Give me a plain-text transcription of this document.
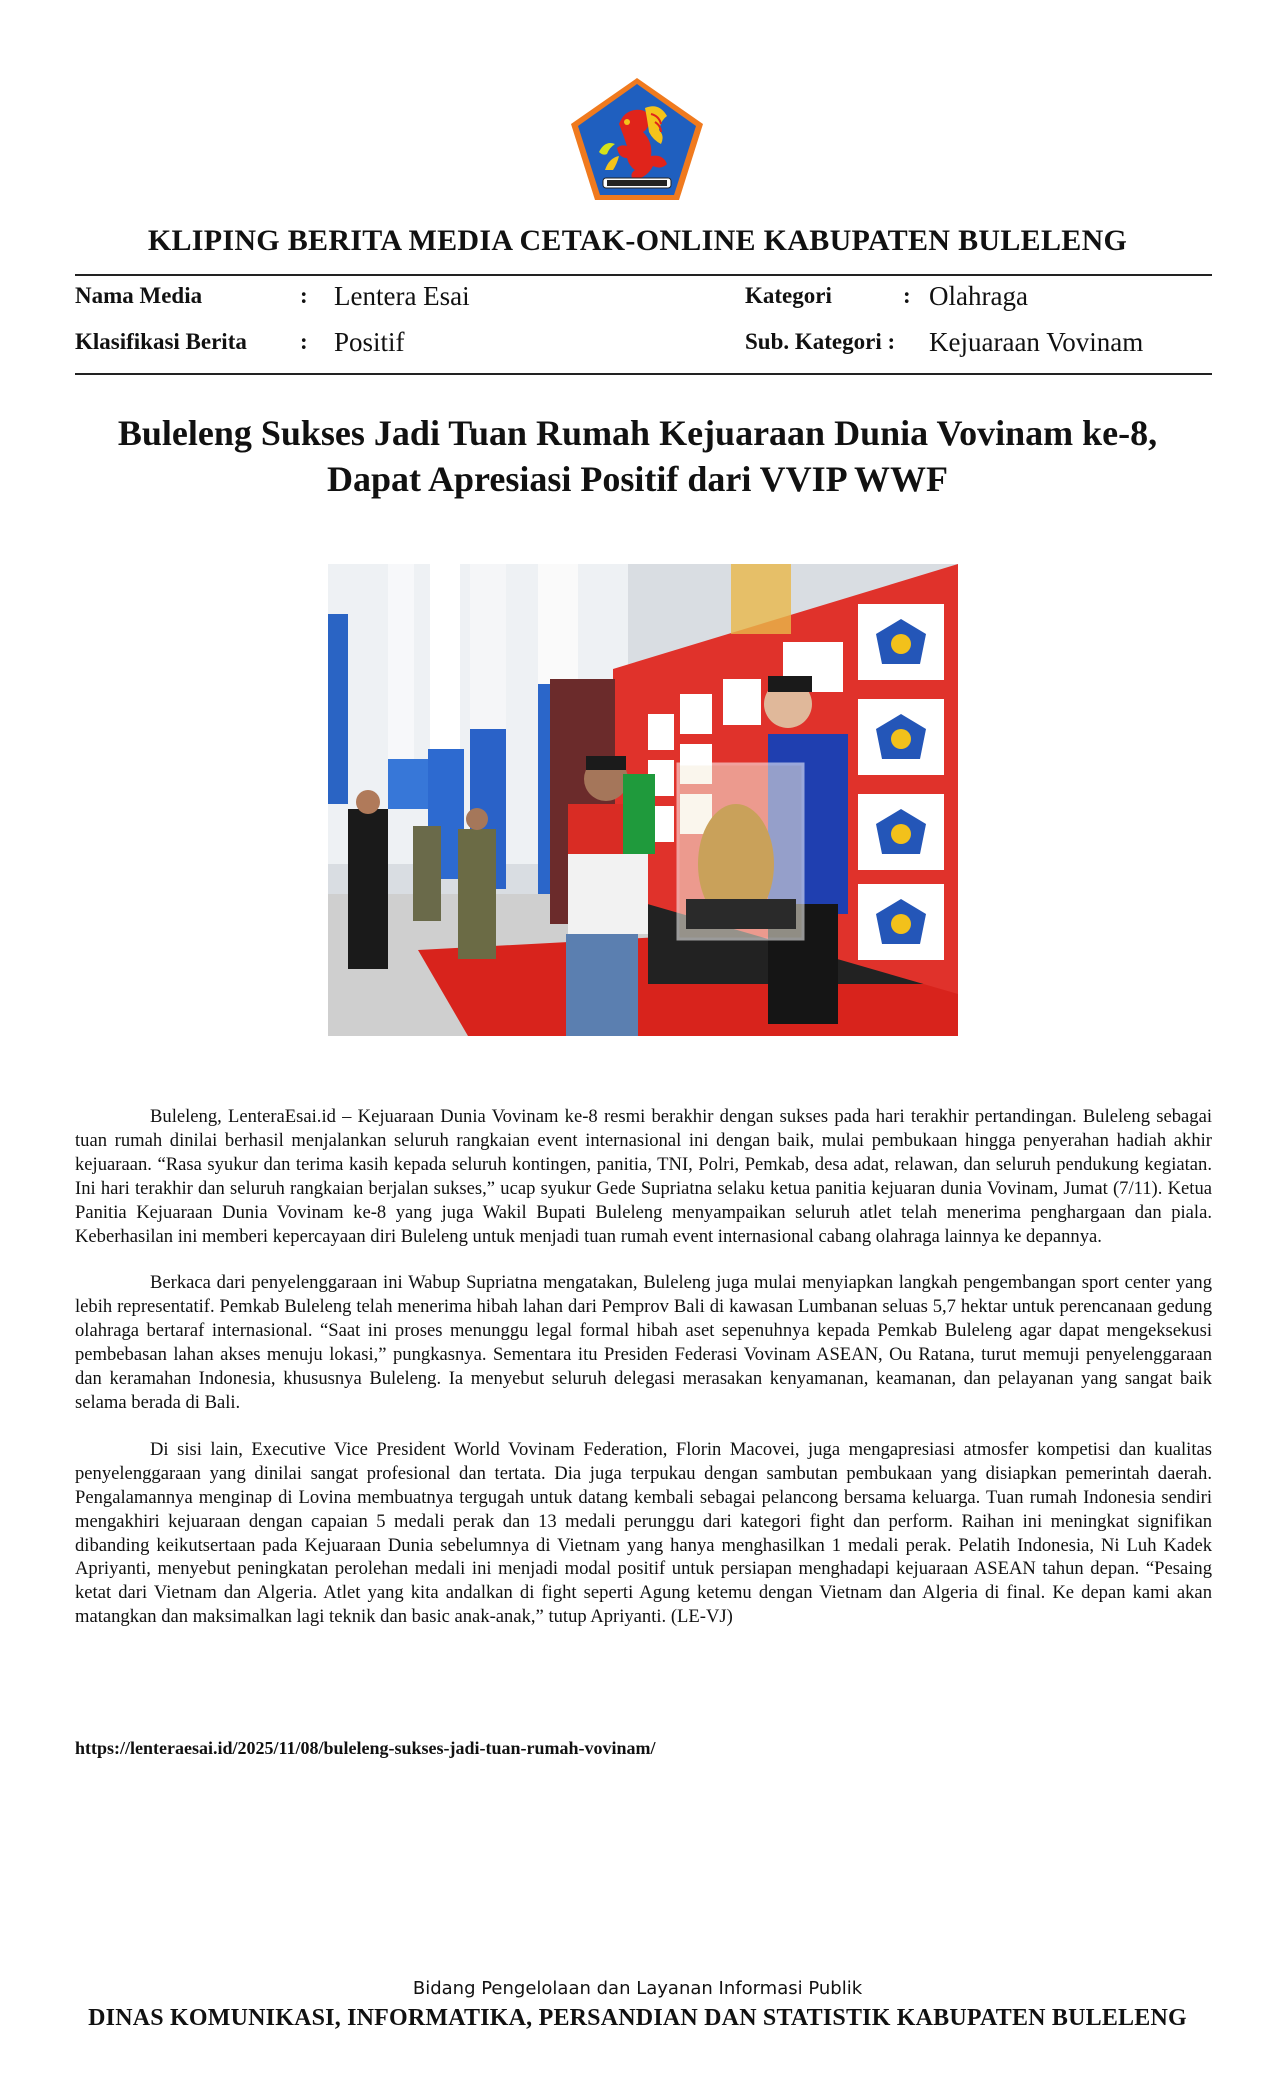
KLIPING BERITA MEDIA CETAK-ONLINE KABUPATEN BULELENG
Nama Media	: Lentera Esai
Klasifikasi Berita : Positif
Kategori	: Olahraga
Sub. Kategori : Kejuaraan Vovinam
Buleleng Sukses Jadi Tuan Rumah Kejuaraan Dunia Vovinam ke-8,
Dapat Apresiasi Positif dari VVIP WWF

Buleleng, LenteraEsai.id – Kejuaraan Dunia Vovinam ke-8 resmi berakhir dengan sukses pada hari terakhir pertandingan. Buleleng sebagai tuan rumah dinilai berhasil menjalankan seluruh rangkaian event internasional ini dengan baik, mulai pembukaan hingga penyerahan hadiah akhir kejuaraan. “Rasa syukur dan terima kasih kepada seluruh kontingen, panitia, TNI, Polri, Pemkab, desa adat, relawan, dan seluruh pendukung kegiatan. Ini hari terakhir dan seluruh rangkaian berjalan sukses,” ucap syukur Gede Supriatna selaku ketua panitia kejuaran dunia Vovinam, Jumat (7/11). Ketua Panitia Kejuaraan Dunia Vovinam ke-8 yang juga Wakil Bupati Buleleng menyampaikan seluruh atlet telah menerima penghargaan dan piala. Keberhasilan ini memberi kepercayaan diri Buleleng untuk menjadi tuan rumah event internasional cabang olahraga lainnya ke depannya.

Berkaca dari penyelenggaraan ini Wabup Supriatna mengatakan, Buleleng juga mulai menyiapkan langkah pengembangan sport center yang lebih representatif. Pemkab Buleleng telah menerima hibah lahan dari Pemprov Bali di kawasan Lumbanan seluas 5,7 hektar untuk perencanaan gedung olahraga bertaraf internasional. “Saat ini proses menunggu legal formal hibah aset sepenuhnya kepada Pemkab Buleleng agar dapat mengeksekusi pembebasan lahan akses menuju lokasi,” pungkasnya. Sementara itu Presiden Federasi Vovinam ASEAN, Ou Ratana, turut memuji penyelenggaraan dan keramahan Indonesia, khususnya Buleleng. Ia menyebut seluruh delegasi merasakan kenyamanan, keamanan, dan pelayanan yang sangat baik selama berada di Bali.

Di sisi lain, Executive Vice President World Vovinam Federation, Florin Macovei, juga mengapresiasi atmosfer kompetisi dan kualitas penyelenggaraan yang dinilai sangat profesional dan tertata. Dia juga terpukau dengan sambutan pembukaan yang disiapkan pemerintah daerah. Pengalamannya menginap di Lovina membuatnya tergugah untuk datang kembali sebagai pelancong bersama keluarga. Tuan rumah Indonesia sendiri mengakhiri kejuaraan dengan capaian 5 medali perak dan 13 medali perunggu dari kategori fight dan perform. Raihan ini meningkat signifikan dibanding keikutsertaan pada Kejuaraan Dunia sebelumnya di Vietnam yang hanya menghasilkan 1 medali perak. Pelatih Indonesia, Ni Luh Kadek Apriyanti, menyebut peningkatan perolehan medali ini menjadi modal positif untuk persiapan menghadapi kejuaraan ASEAN tahun depan. “Pesaing ketat dari Vietnam dan Algeria. Atlet yang kita andalkan di fight seperti Agung ketemu dengan Vietnam dan Algeria di final. Ke depan kami akan matangkan dan maksimalkan lagi teknik dan basic anak-anak,” tutup Apriyanti. (LE-VJ)

https://lenteraesai.id/2025/11/08/buleleng-sukses-jadi-tuan-rumah-vovinam/
Bidang Pengelolaan dan Layanan Informasi Publik
DINAS KOMUNIKASI, INFORMATIKA, PERSANDIAN DAN STATISTIK KABUPATEN BULELENG
